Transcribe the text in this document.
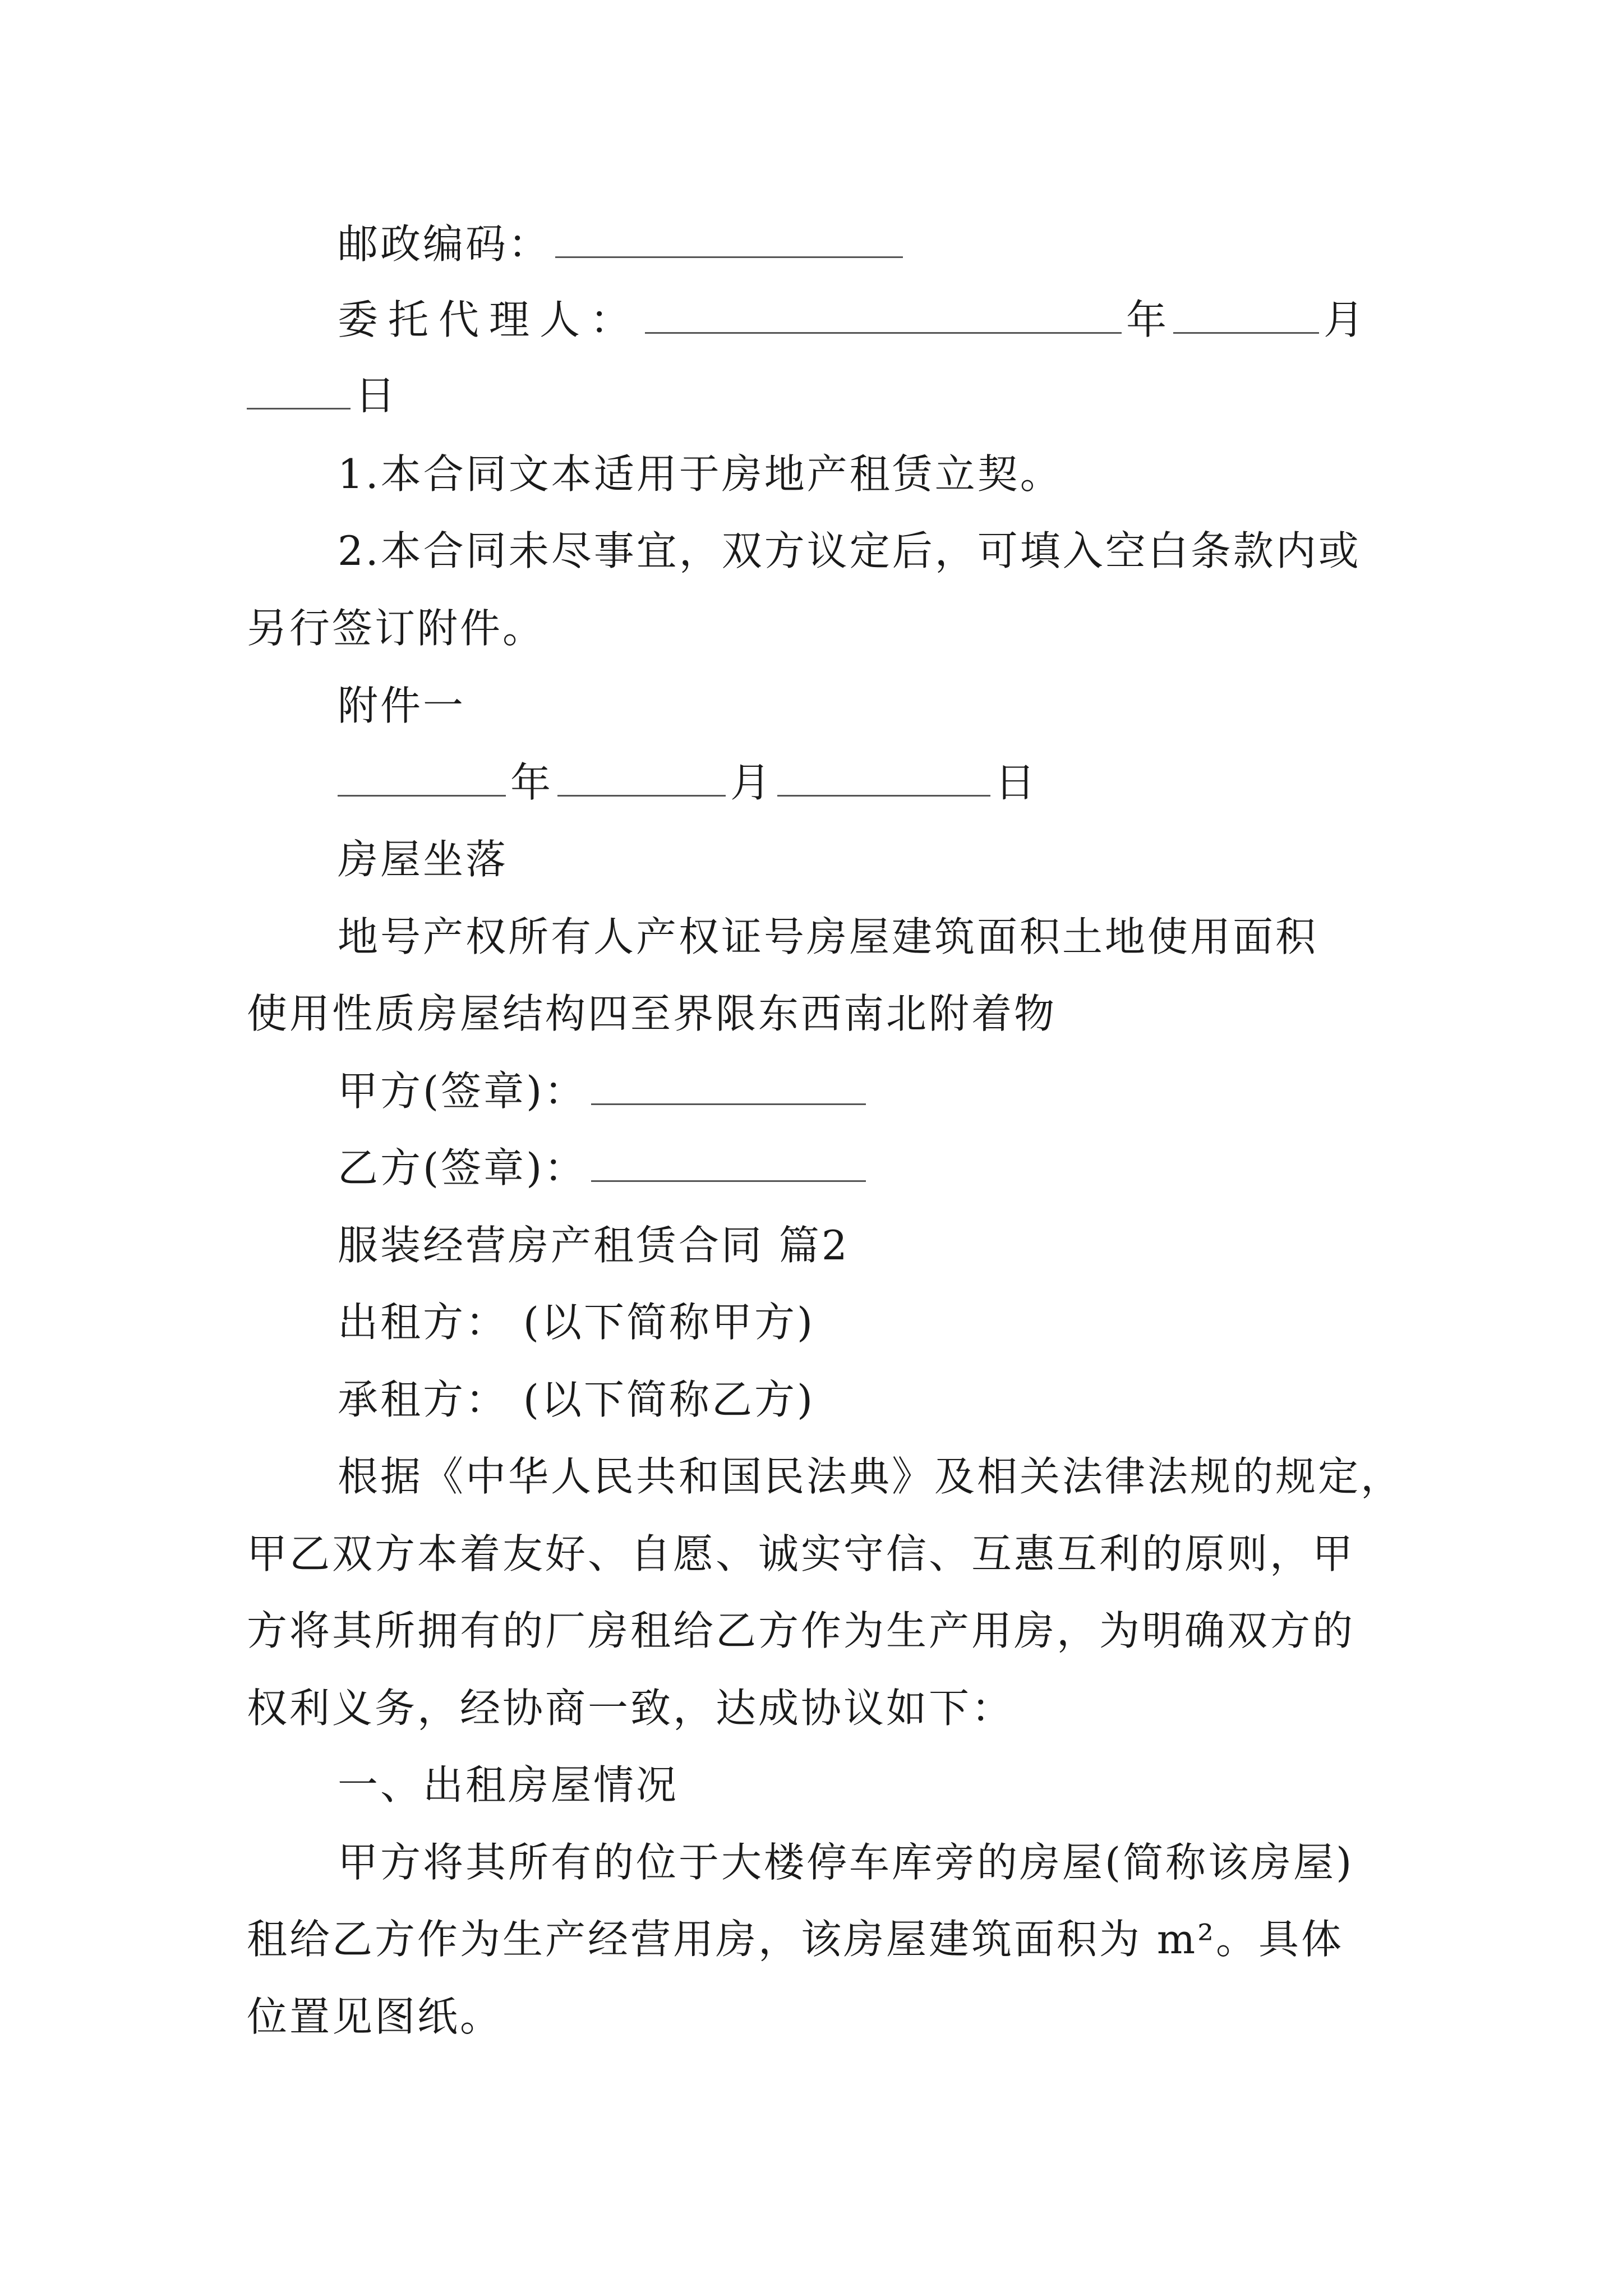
邮政编码：
委托代理人：	年	月
日
1.本合同文本适用于房地产租赁立契。
2.本合同未尽事宜，双方议定后，可填入空白条款内或
另行签订附件。
附件一
年	月	日
房屋坐落
地号产权所有人产权证号房屋建筑面积土地使用面积
使用性质房屋结构四至界限东西南北附着物
甲方(签章)：
乙方(签章)：
服装经营房产租赁合同 篇2
出租方： (以下简称甲方)
承租方： (以下简称乙方)
根据《中华人民共和国民法典》及相关法律法规的规定，
甲乙双方本着友好、自愿、诚实守信、互惠互利的原则，甲
方将其所拥有的厂房租给乙方作为生产用房，为明确双方的
权利义务，经协商一致，达成协议如下：
一、出租房屋情况
甲方将其所有的位于大楼停车库旁的房屋(简称该房屋)
租给乙方作为生产经营用房，该房屋建筑面积为 m²。具体
位置见图纸。
